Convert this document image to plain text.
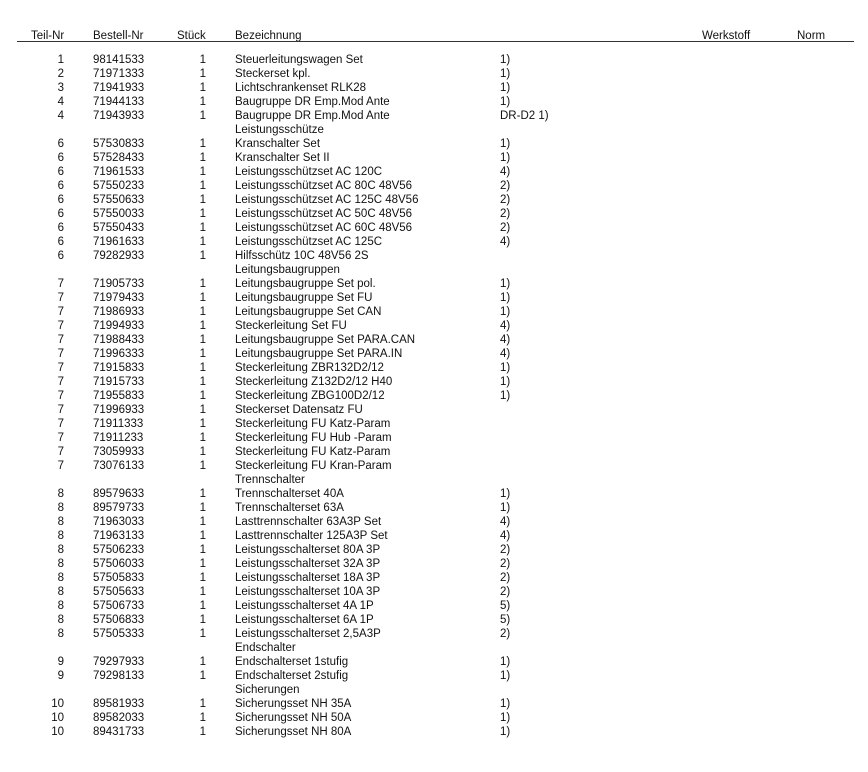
Teil-Nr	Bestell-Nr	Stück	Bezeichnung	Werkstoff	Norm
1	98141533	1	Steuerleitungswagen Set	1)
2	71971333	1	Steckerset kpl.	1)
3	71941933	1	Lichtschrankenset RLK28	1)
4	71944133	1	Baugruppe DR Emp.Mod Ante	1)
4	71943933	1	Baugruppe DR Emp.Mod Ante	DR-D2 1)
Leistungsschütze
6	57530833	1	Kranschalter Set	1)
6	57528433	1	Kranschalter Set II	1)
6	71961533	1	Leistungsschützset AC 120C	4)
6	57550233	1	Leistungsschützset AC 80C 48V56	2)
6	57550633	1	Leistungsschützset AC 125C 48V56	2)
6	57550033	1	Leistungsschützset AC 50C 48V56	2)
6	57550433	1	Leistungsschützset AC 60C 48V56	2)
6	71961633	1	Leistungsschützset AC 125C	4)
6	79282933	1	Hilfsschütz 10C 48V56 2S
Leitungsbaugruppen
7	71905733	1	Leitungsbaugruppe Set pol.	1)
7	71979433	1	Leitungsbaugruppe Set FU	1)
7	71986933	1	Leitungsbaugruppe Set CAN	1)
7	71994933	1	Steckerleitung Set FU	4)
7	71988433	1	Leitungsbaugruppe Set PARA.CAN	4)
7	71996333	1	Leitungsbaugruppe Set PARA.IN	4)
7	71915833	1	Steckerleitung ZBR132D2/12	1)
7	71915733	1	Steckerleitung Z132D2/12 H40	1)
7	71955833	1	Steckerleitung ZBG100D2/12	1)
7	71996933	1	Steckerset Datensatz FU
7	71911333	1	Steckerleitung FU Katz-Param
7	71911233	1	Steckerleitung FU Hub -Param
7	73059933	1	Steckerleitung FU Katz-Param
7	73076133	1	Steckerleitung FU Kran-Param
Trennschalter
8	89579633	1	Trennschalterset 40A	1)
8	89579733	1	Trennschalterset 63A	1)
8	71963033	1	Lasttrennschalter 63A3P Set	4)
8	71963133	1	Lasttrennschalter 125A3P Set	4)
8	57506233	1	Leistungsschalterset 80A 3P	2)
8	57506033	1	Leistungsschalterset 32A 3P	2)
8	57505833	1	Leistungsschalterset 18A 3P	2)
8	57505633	1	Leistungsschalterset 10A 3P	2)
8	57506733	1	Leistungsschalterset 4A 1P	5)
8	57506833	1	Leistungsschalterset 6A 1P	5)
8	57505333	1	Leistungsschalterset 2,5A3P	2)
Endschalter
9	79297933	1	Endschalterset 1stufig	1)
9	79298133	1	Endschalterset 2stufig	1)
Sicherungen
10	89581933	1	Sicherungsset NH 35A	1)
10	89582033	1	Sicherungsset NH 50A	1)
10	89431733	1	Sicherungsset NH 80A	1)
